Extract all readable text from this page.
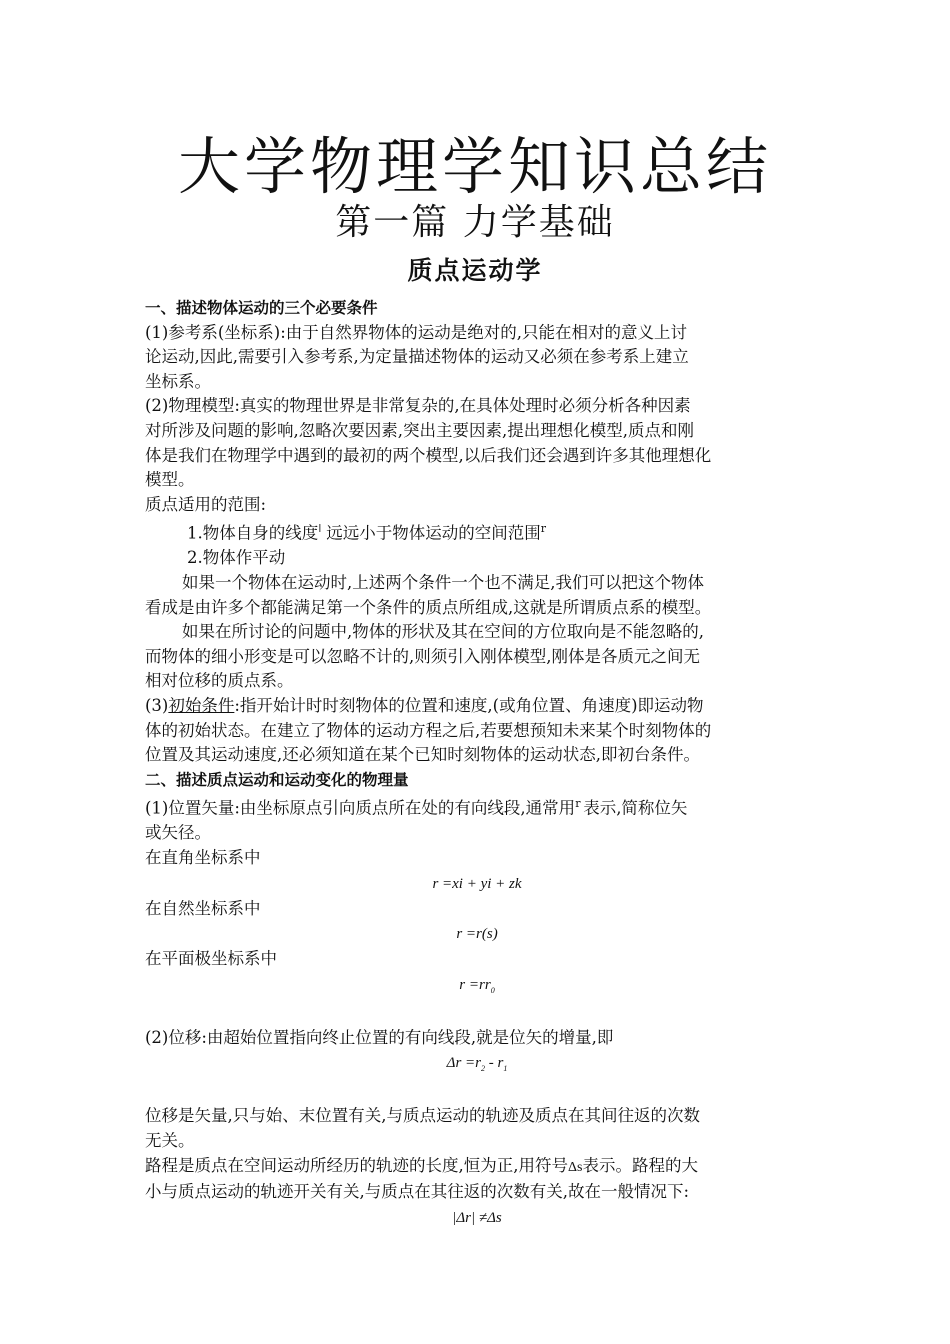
大学物理学知识总结
第一篇 力学基础
质点运动学

一、描述物体运动的三个必要条件

(1)参考系(坐标系):由于自然界物体的运动是绝对的,只能在相对的意义上讨

论运动,因此,需要引入参考系,为定量描述物体的运动又必须在参考系上建立

坐标系。

(2)物理模型:真实的物理世界是非常复杂的,在具体处理时必须分析各种因素

对所涉及问题的影响,忽略次要因素,突出主要因素,提出理想化模型,质点和刚

体是我们在物理学中遇到的最初的两个模型,以后我们还会遇到许多其他理想化

模型。

质点适用的范围:

1.物体自身的线度ǀ 远远小于物体运动的空间范围r

2.物体作平动

如果一个物体在运动时,上述两个条件一个也不满足,我们可以把这个物体

看成是由许多个都能满足第一个条件的质点所组成,这就是所谓质点系的模型。

如果在所讨论的问题中,物体的形状及其在空间的方位取向是不能忽略的,

而物体的细小形变是可以忽略不计的,则须引入刚体模型,刚体是各质元之间无

相对位移的质点系。

(3)初始条件:指开始计时时刻物体的位置和速度,(或角位置、角速度)即运动物

体的初始状态。在建立了物体的运动方程之后,若要想预知未来某个时刻物体的

位置及其运动速度,还必须知道在某个已知时刻物体的运动状态,即初台条件。

二、描述质点运动和运动变化的物理量

(1)位置矢量:由坐标原点引向质点所在处的有向线段,通常用r 表示,简称位矢

或矢径。

在直角坐标系中

r =xi + yi + zk

在自然坐标系中

r =r(s)

在平面极坐标系中

$r =rr_0$

(2)位移:由超始位置指向终止位置的有向线段,就是位矢的增量,即

$\Delta r =r_2 - r_1$

位移是矢量,只与始、末位置有关,与质点运动的轨迹及质点在其间往返的次数

无关。

路程是质点在空间运动所经历的轨迹的长度,恒为正,用符号Δs表示。路程的大

小与质点运动的轨迹开关有关,与质点在其往返的次数有关,故在一般情况下:

|Δr| ≠Δs
